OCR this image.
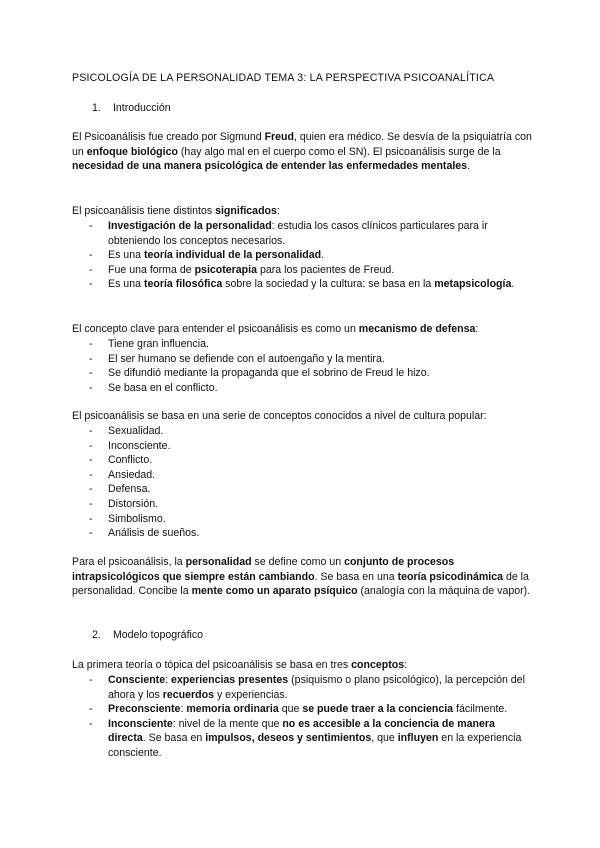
PSICOLOGÍA DE LA PERSONALIDAD TEMA 3: LA PERSPECTIVA PSICOANALÍTICA
1. Introducción

El Psicoanálisis fue creado por Sigmund Freud, quien era médico. Se desvía de la psiquiatría con un enfoque biológico (hay algo mal en el cuerpo como el SN). El psicoanálisis surge de la necesidad de una manera psicológica de entender las enfermedades mentales.

El psicoanálisis tiene distintos significados:

- Investigación de la personalidad: estudia los casos clínicos particulares para ir obteniendo los conceptos necesarios.
- Es una teoría individual de la personalidad.
- Fue una forma de psicoterapia para los pacientes de Freud.
- Es una teoría filosófica sobre la sociedad y la cultura: se basa en la metapsicología.

El concepto clave para entender el psicoanálisis es como un mecanismo de defensa:

- Tiene gran influencia.
- El ser humano se defiende con el autoengaño y la mentira.
- Se difundió mediante la propaganda que el sobrino de Freud le hizo.
- Se basa en el conflicto.

El psicoanálisis se basa en una serie de conceptos conocidos a nivel de cultura popular:

- Sexualidad.
- Inconsciente.
- Conflicto.
- Ansiedad.
- Defensa.
- Distorsión.
- Simbolismo.
- Análisis de sueños.

Para el psicoanálisis, la personalidad se define como un conjunto de procesos intrapsicológicos que siempre están cambiando. Se basa en una teoría psicodinámica de la personalidad. Concibe la mente como un aparato psíquico (analogía con la máquina de vapor).

2. Modelo topográfico

La primera teoría o tópica del psicoanálisis se basa en tres conceptos:

- Consciente: experiencias presentes (psiquismo o plano psicológico), la percepción del ahora y los recuerdos y experiencias.
- Preconsciente: memoria ordinaria que se puede traer a la conciencia fácilmente.
- Inconsciente: nivel de la mente que no es accesible a la conciencia de manera directa. Se basa en impulsos, deseos y sentimientos, que influyen en la experiencia consciente.
